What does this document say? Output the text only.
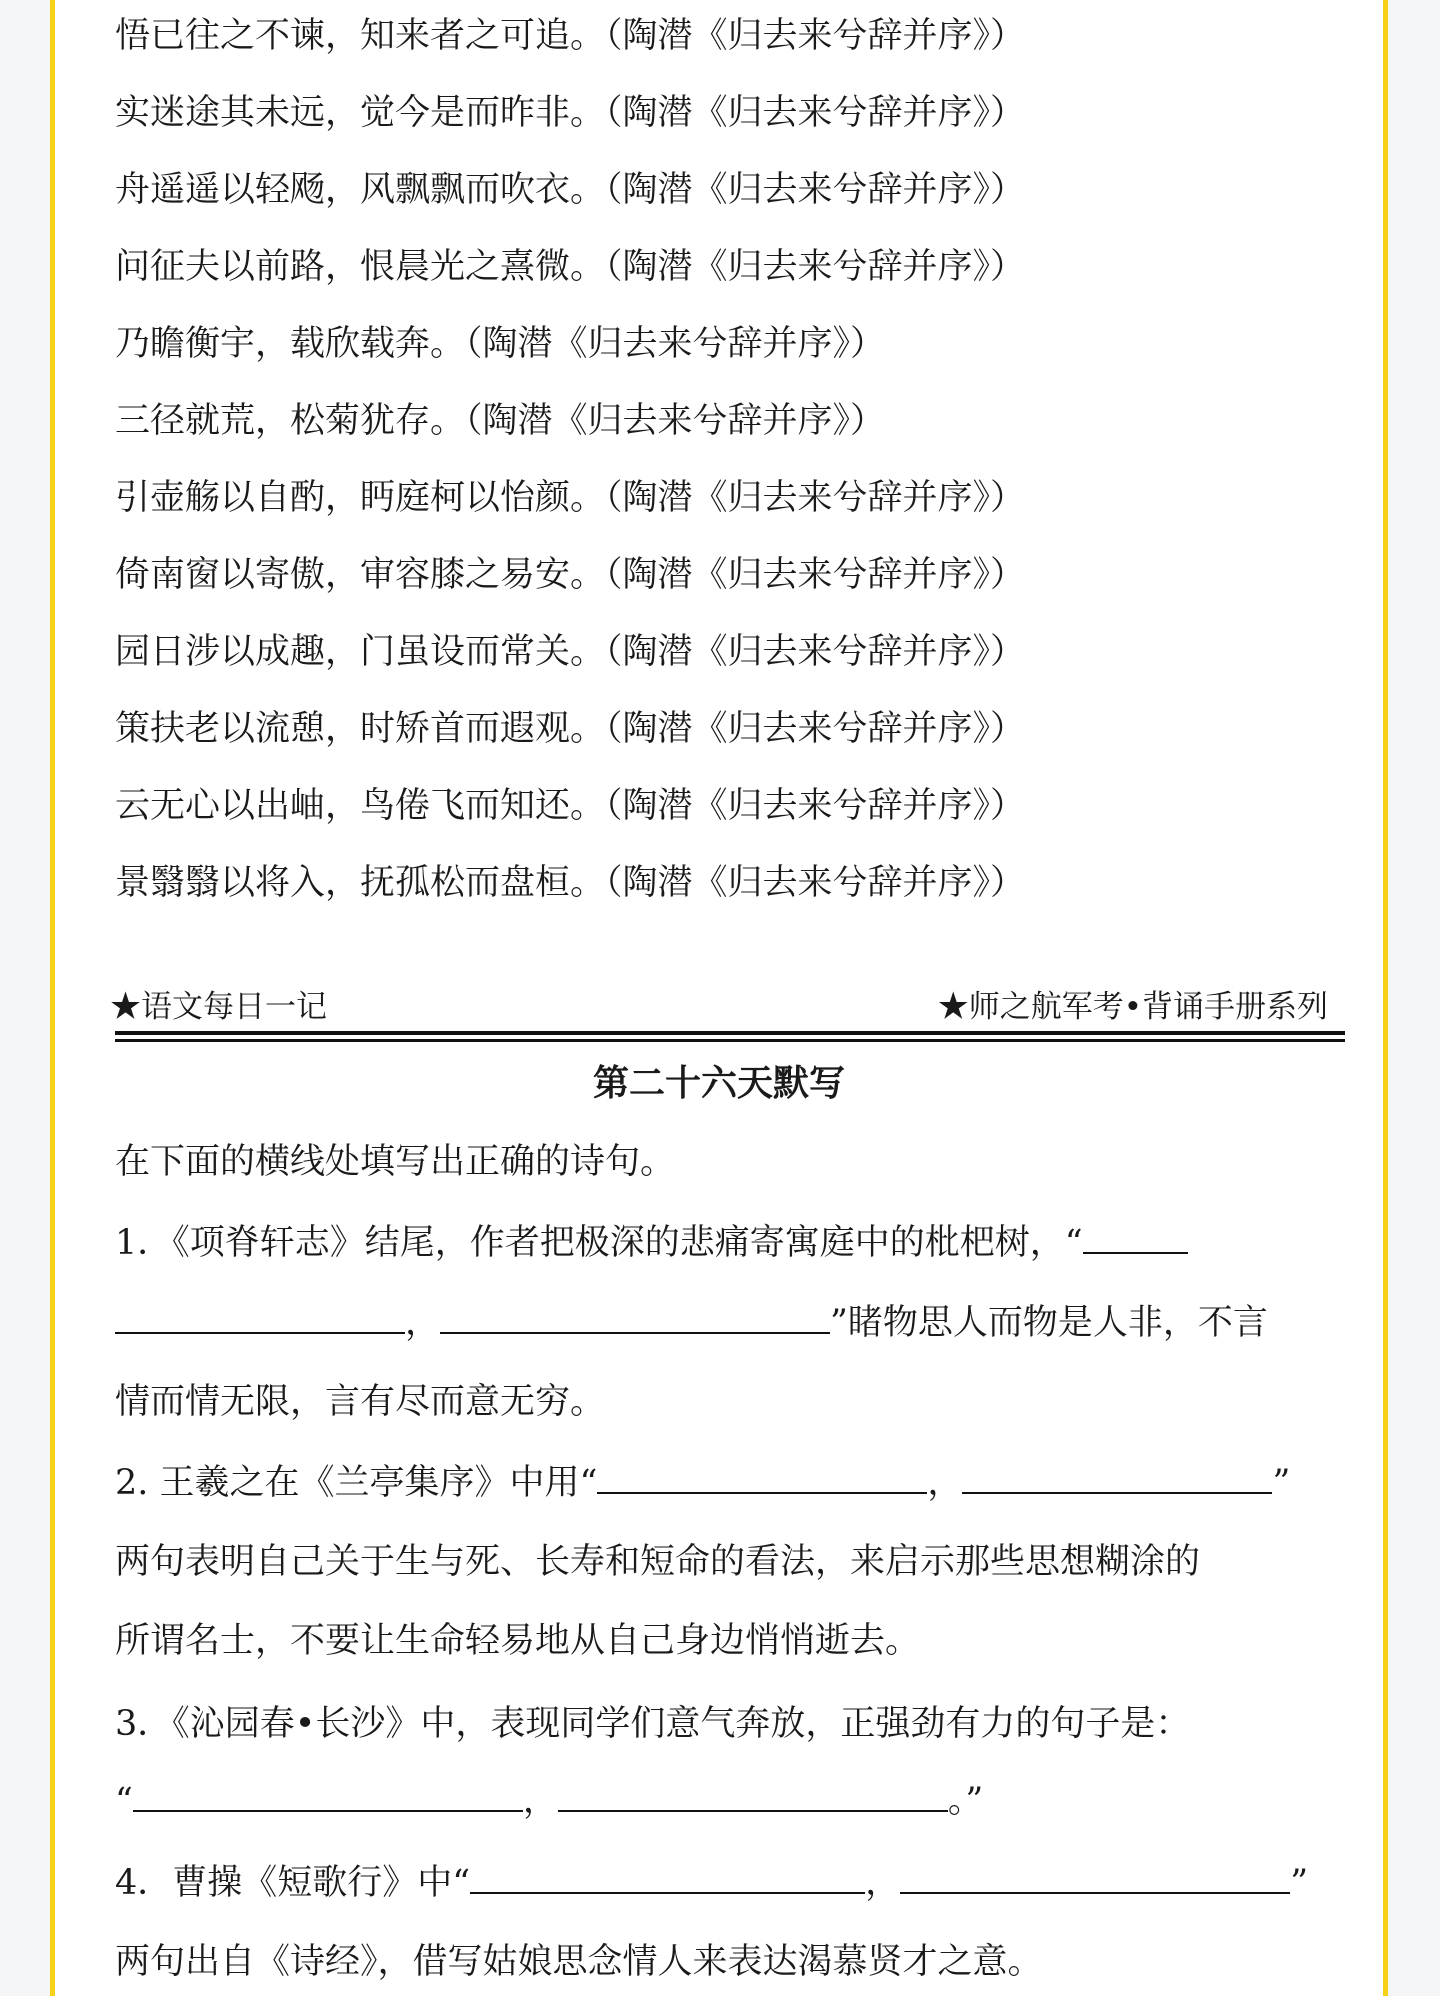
悟已往之不谏，知来者之可追。（陶潜《归去来兮辞并序》）
实迷途其未远，觉今是而昨非。（陶潜《归去来兮辞并序》）
舟遥遥以轻飏，风飘飘而吹衣。（陶潜《归去来兮辞并序》）
问征夫以前路，恨晨光之熹微。（陶潜《归去来兮辞并序》）
乃瞻衡宇，载欣载奔。（陶潜《归去来兮辞并序》）
三径就荒，松菊犹存。（陶潜《归去来兮辞并序》）
引壶觞以自酌，眄庭柯以怡颜。（陶潜《归去来兮辞并序》）
倚南窗以寄傲，审容膝之易安。（陶潜《归去来兮辞并序》）
园日涉以成趣，门虽设而常关。（陶潜《归去来兮辞并序》）
策扶老以流憩，时矫首而遐观。（陶潜《归去来兮辞并序》）
云无心以出岫，鸟倦飞而知还。（陶潜《归去来兮辞并序》）
景翳翳以将入，抚孤松而盘桓。（陶潜《归去来兮辞并序》）
★语文每日一记	★师之航军考•背诵手册系列
第二十六天默写
在下面的横线处填写出正确的诗句。
1．《项脊轩志》结尾，作者把极深的悲痛寄寓庭中的枇杷树，“
，	”睹物思人而物是人非，不言
情而情无限，言有尽而意无穷。
2. 王羲之在《兰亭集序》中用“	，	”
两句表明自己关于生与死、长寿和短命的看法，来启示那些思想糊涂的
所谓名士，不要让生命轻易地从自己身边悄悄逝去。
3．《沁园春•长沙》中，表现同学们意气奔放，正强劲有力的句子是：
“	，	。”
4．曹操《短歌行》中“	，	”
两句出自《诗经》，借写姑娘思念情人来表达渴慕贤才之意。
